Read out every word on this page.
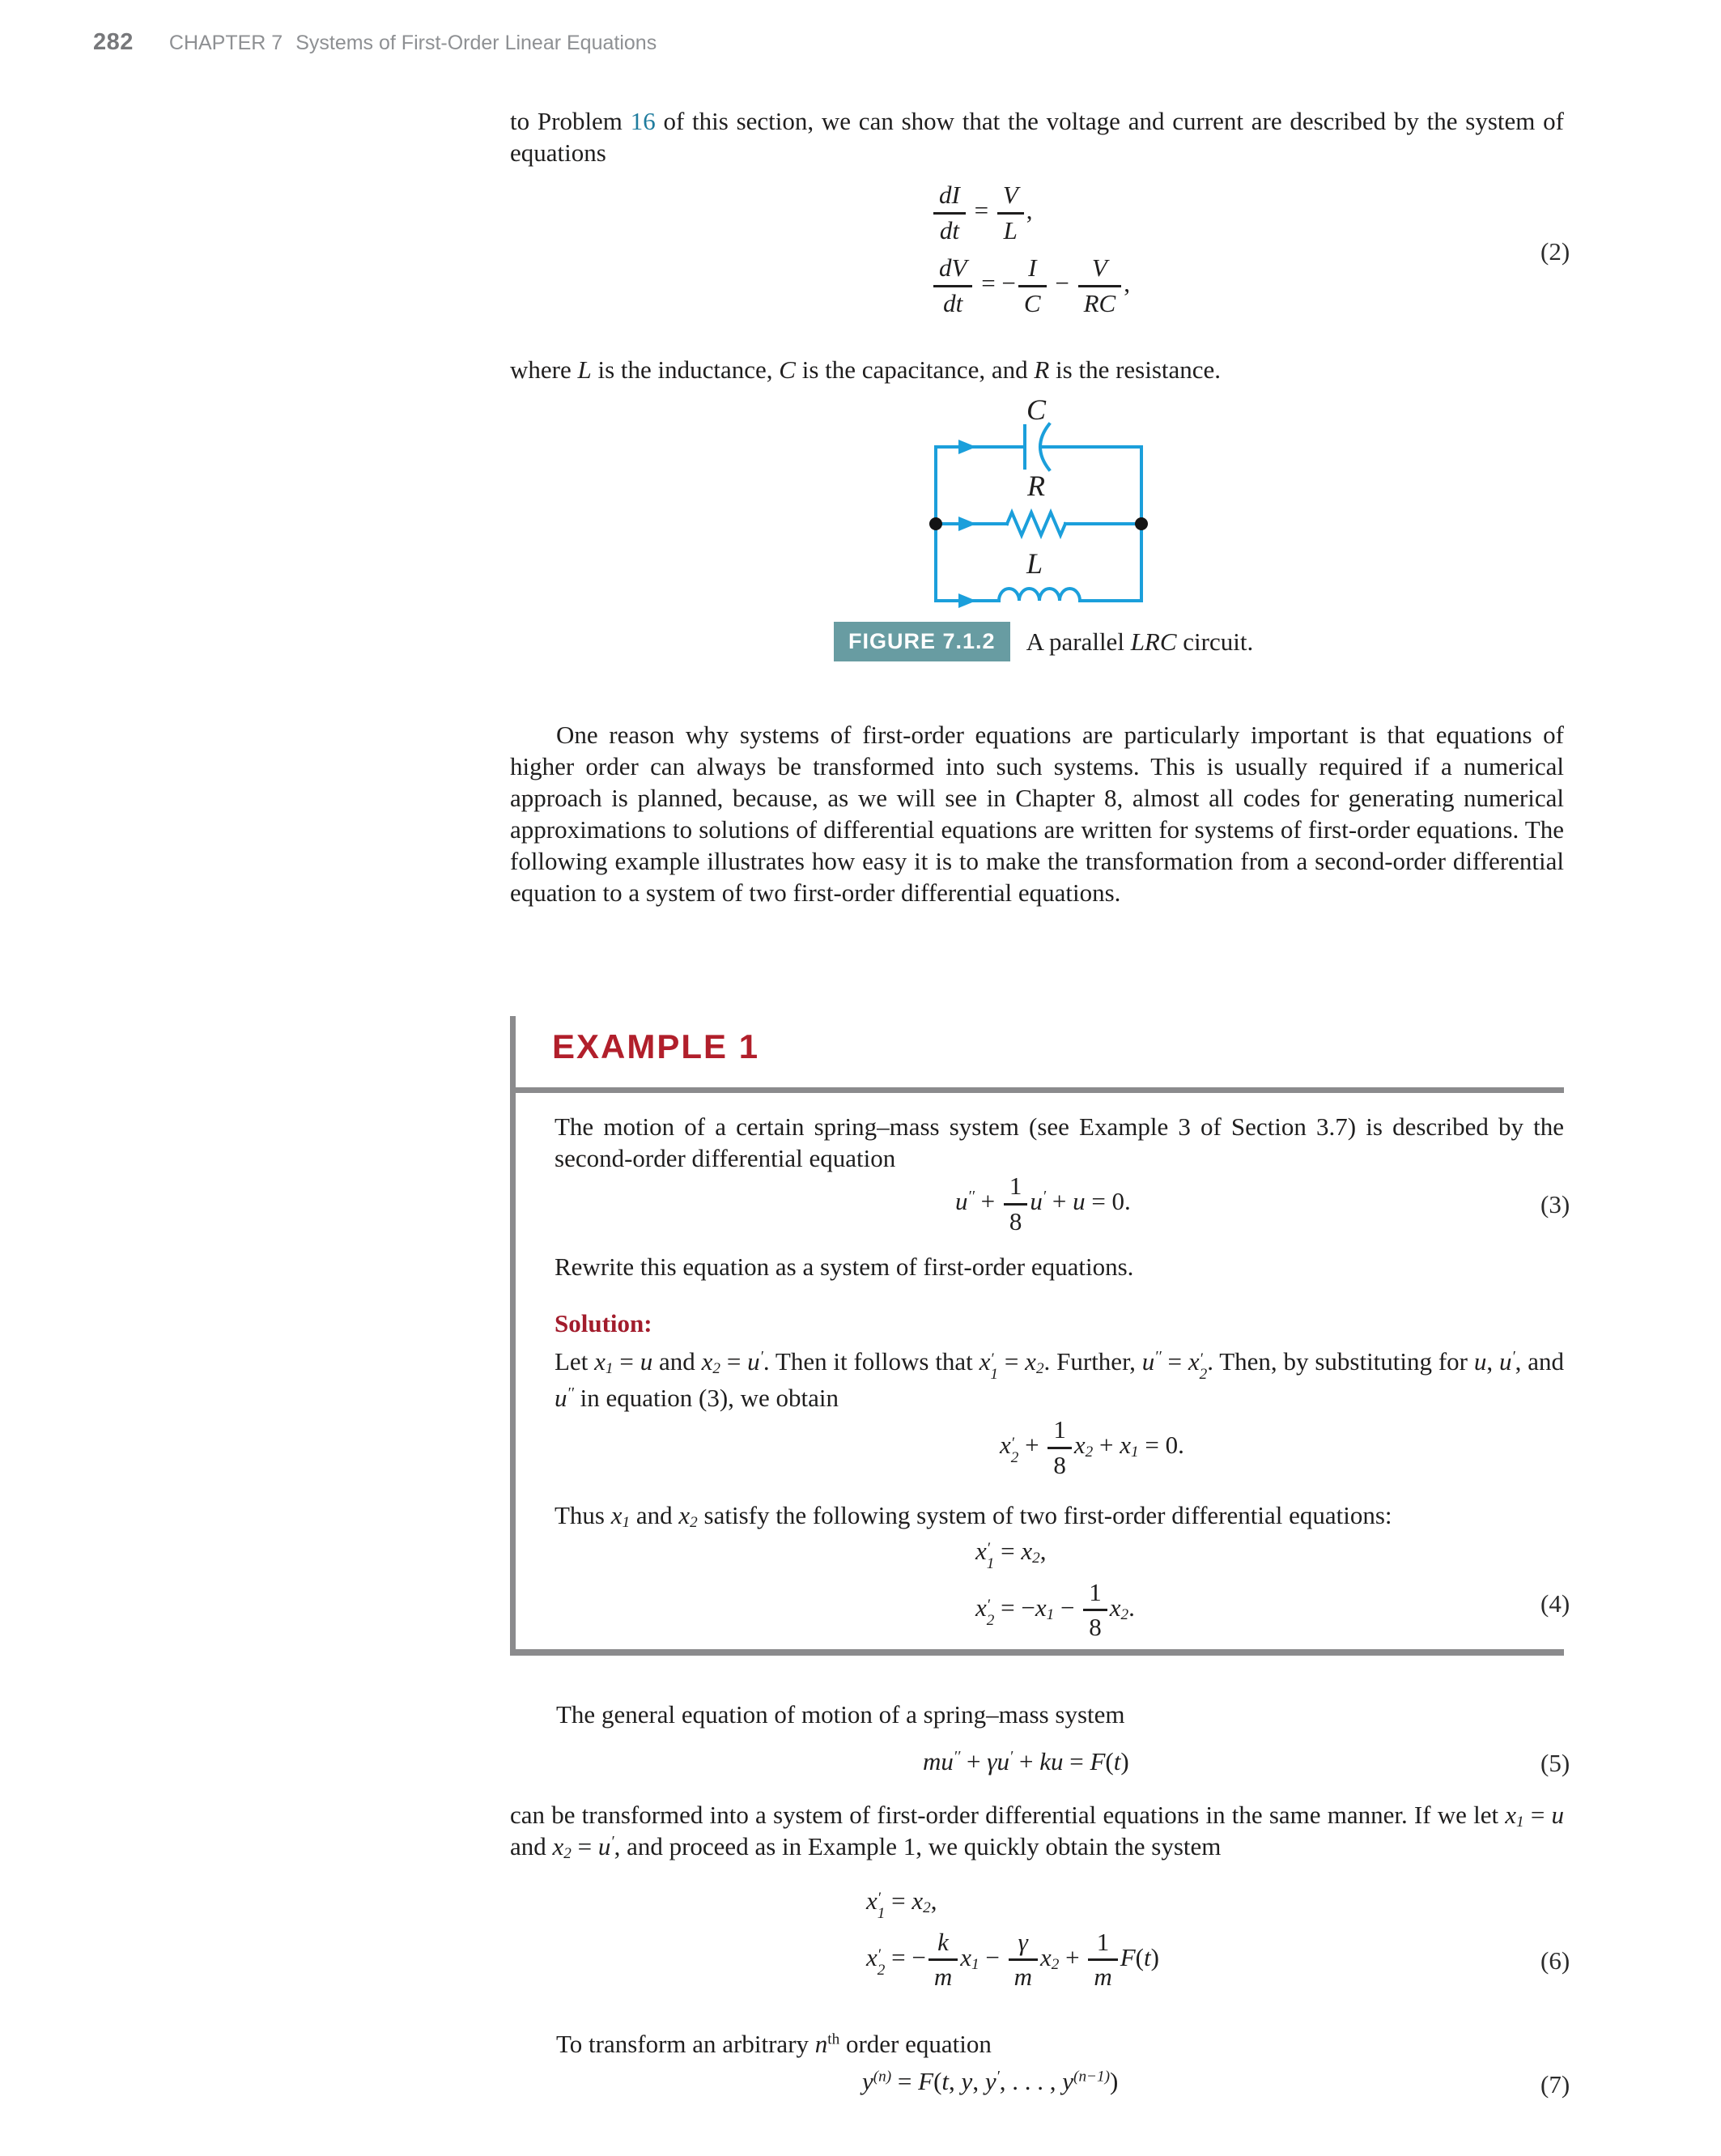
282 CHAPTER 7 Systems of First-Order Linear Equations

to Problem 16 of this section, we can show that the voltage and current are described by the system of equations

$\frac{dI}{dt} = \frac{V}{L}$ ,
$\frac{dV}{dt}$ = − $\frac{I}{C} - \frac{V}{RC}$ ,
(2)

where L is the inductance, C is the capacitance, and R is the resistance.

C
R
L
FIGURE 7.1.2	A parallel LRC circuit.

One reason why systems of first-order equations are particularly important is that equations of higher order can always be transformed into such systems. This is usually required if a numerical approach is planned, because, as we will see in Chapter 8, almost all codes for generating numerical approximations to solutions of differential equations are written for systems of first-order equations. The following example illustrates how easy it is to make the transformation from a second-order differential equation to a system of two first-order differential equations.

EXAMPLE 1

The motion of a certain spring–mass system (see Example 3 of Section 3.7) is described by the second-order differential equation

$u'' + \frac{1}{8} u' + u = 0$.	(3)

Rewrite this equation as a system of first-order equations.

Solution:

Let $x_1 = u$ and $x_2 = u'$. Then it follows that x ′
$1 = x_2$. Further, u′′ = x ′
2 . Then, by substituting for u, u′, and u′′ in equation (3), we obtain

x ′
$2 + \frac{1}{8} x_2 + x_1 = 0$.

Thus $x_1$ and $x_2$ satisfy the following system of two first-order differential equations:

x ′
$1 = x_2$,
x ′
$2 = -x_1 - \frac{1}{8} x_2$.	(4)

The general equation of motion of a spring–mass system

mu′′ + γu′ + ku = F(t)	(5)

can be transformed into a system of first-order differential equations in the same manner. If we let $x_1 = u$ and $x_2 = u'$, and proceed as in Example 1, we quickly obtain the system

x ′
$1 = x_2$,
x ′
2 = − $\frac{k}{m} x_1 - \frac{\gamma}{m} x_2 + \frac{1}{m} F(t)$	(6)

To transform an arbitrary $n^{th}$ order equation

$y^{(n)} = F(t$, y, y′, . . . , $y^{(n-1)}$)	(7)
